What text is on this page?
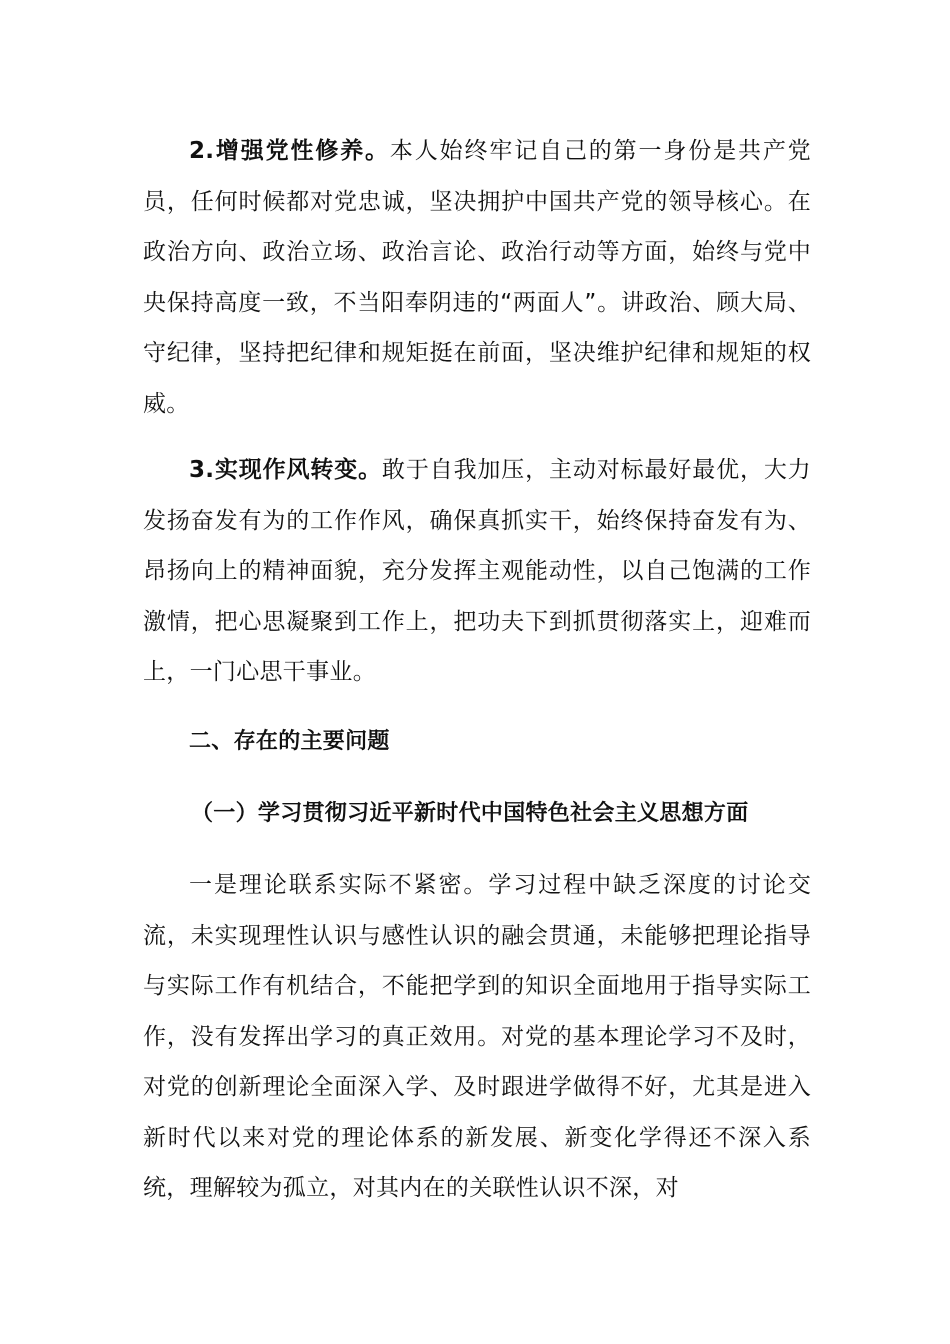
2.增强党性修养。本人始终牢记自己的第一身份是共产党员，任何时候都对党忠诚，坚决拥护中国共产党的领导核心。在政治方向、政治立场、政治言论、政治行动等方面，始终与党中央保持高度一致，不当阳奉阴违的“两面人”。讲政治、顾大局、守纪律，坚持把纪律和规矩挺在前面，坚决维护纪律和规矩的权威。

3.实现作风转变。敢于自我加压，主动对标最好最优，大力发扬奋发有为的工作作风，确保真抓实干，始终保持奋发有为、昂扬向上的精神面貌，充分发挥主观能动性，以自己饱满的工作激情，把心思凝聚到工作上，把功夫下到抓贯彻落实上，迎难而上，一门心思干事业。

二、存在的主要问题
（一）学习贯彻习近平新时代中国特色社会主义思想方面

一是理论联系实际不紧密。学习过程中缺乏深度的讨论交流，未实现理性认识与感性认识的融会贯通，未能够把理论指导与实际工作有机结合，不能把学到的知识全面地用于指导实际工作，没有发挥出学习的真正效用。对党的基本理论学习不及时，对党的创新理论全面深入学、及时跟进学做得不好，尤其是进入新时代以来对党的理论体系的新发展、新变化学得还不深入系统，理解较为孤立，对其内在的关联性认识不深，对
